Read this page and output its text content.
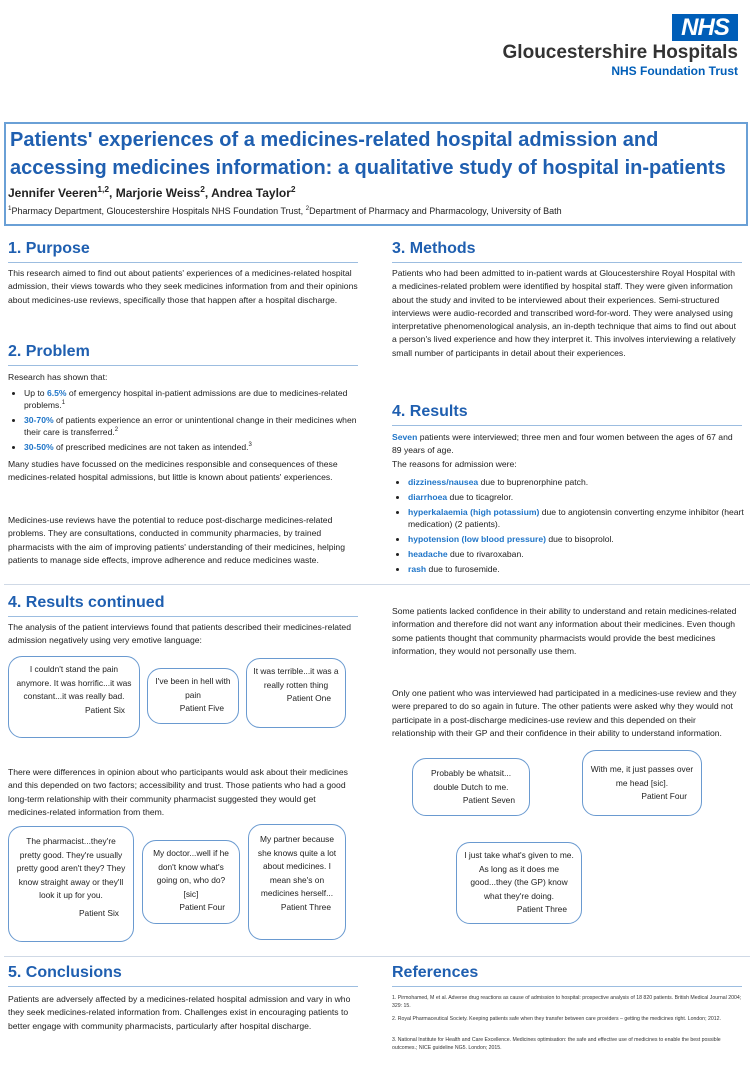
NHS
Gloucestershire Hospitals
NHS Foundation Trust
Patients' experiences of a medicines-related hospital admission and
accessing medicines information: a qualitative study of hospital in-patients
Jennifer Veeren$^{1,2}$, Marjorie Weiss$^2$, Andrea Taylor$^2$
$^1$Pharmacy Department, Gloucestershire Hospitals NHS Foundation Trust, $^2$Department of Pharmacy and Pharmacology, University of Bath
1. Purpose

This research aimed to find out about patients' experiences of a medicines-related hospital admission, their views towards who they seek medicines information from and their opinions about medicines-use reviews, specifically those that happen after a hospital discharge.

2. Problem

Research has shown that:

• Up to 6.5% of emergency hospital in-patient admissions are due to medicines-related problems.$^1$
• 30-70% of patients experience an error or unintentional change in their medicines when their care is transferred.$^2$
• 30-50% of prescribed medicines are not taken as intended.$^3$

Many studies have focussed on the medicines responsible and consequences of these medicines-related hospital admissions, but little is known about patients' experiences.

Medicines-use reviews have the potential to reduce post-discharge medicines-related problems. They are consultations, conducted in community pharmacies, by trained pharmacists with the aim of improving patients' understanding of their medicines, helping patients to manage side effects, improve adherence and reduce medicines waste.

3. Methods

Patients who had been admitted to in-patient wards at Gloucestershire Royal Hospital with a medicines-related problem were identified by hospital staff. They were given information about the study and invited to be interviewed about their experiences. Semi-structured interviews were audio-recorded and transcribed word-for-word. They were analysed using interpretative phenomenological analysis, an in-depth technique that aims to find out about a person's lived experience and how they interpret it. This involves interviewing a relatively small number of participants in detail about their experiences.

4. Results

Seven patients were interviewed; three men and four women between the ages of 67 and 89 years of age.

The reasons for admission were:

• dizziness/nausea due to buprenorphine patch.
• diarrhoea due to ticagrelor.
• hyperkalaemia (high potassium) due to angiotensin converting enzyme inhibitor (heart medication) (2 patients).
• hypotension (low blood pressure) due to bisoprolol.
• headache due to rivaroxaban.
• rash due to furosemide.
4. Results continued

The analysis of the patient interviews found that patients described their medicines-related admission negatively using very emotive language:

I couldn't stand the pain anymore. It was horrific...it was constant...it was really bad.
Patient Six
I've been in hell with pain
Patient Five
It was terrible...it was a really rotten thing
Patient One

There were differences in opinion about who participants would ask about their medicines and this depended on two factors; accessibility and trust. Those patients who had a good long-term relationship with their community pharmacist suggested they would get medicines-related information from them.

The pharmacist...they're pretty good. They're usually pretty good aren't they? They know straight away or they'll look it up for you.
Patient Six
My doctor...well if he don't know what's going on, who do? [sic]
Patient Four
My partner because she knows quite a lot about medicines. I mean she's on medicines herself...
Patient Three

Some patients lacked confidence in their ability to understand and retain medicines-related information and therefore did not want any information about their medicines. Even though some patients thought that community pharmacists would provide the best medicines information, they would not personally use them.

Only one patient who was interviewed had participated in a medicines-use review and they were prepared to do so again in future. The other patients were asked why they would not participate in a post-discharge medicines-use review and this depended on their relationship with their GP and their confidence in their ability to understand information.

Probably be whatsit... double Dutch to me.
Patient Seven
With me, it just passes over me head [sic].
Patient Four
I just take what's given to me. As long as it does me good...they (the GP) know what they're doing.
Patient Three
5. Conclusions

Patients are adversely affected by a medicines-related hospital admission and vary in who they seek medicines-related information from. Challenges exist in encouraging patients to better engage with community pharmacists, particularly after hospital discharge.

References
1. Pirmohamed, M et al. Adverse drug reactions as cause of admission to hospital: prospective analysis of 18 820 patients. British Medical Journal 2004; 329: 15.
2. Royal Pharmaceutical Society. Keeping patients safe when they transfer between care providers – getting the medicines right. London; 2012.
3. National Institute for Health and Care Excellence. Medicines optimisation: the safe and effective use of medicines to enable the best possible outcomes.; NICE guideline NG5. London; 2015.
